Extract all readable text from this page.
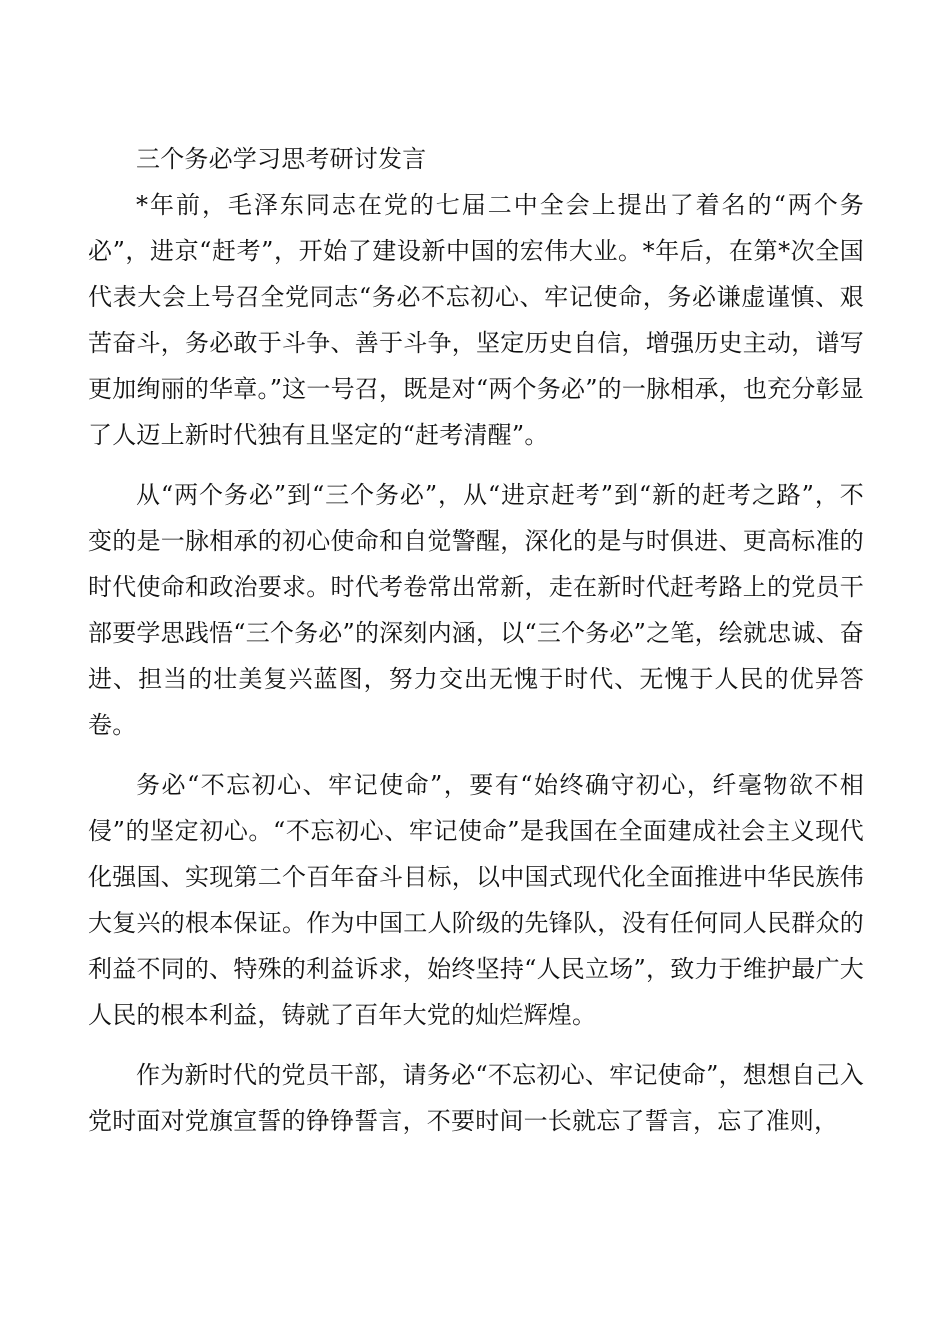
三个务必学习思考研讨发言

*年前，毛泽东同志在党的七届二中全会上提出了着名的“两个务必”，进京“赶考”，开始了建设新中国的宏伟大业。*年后，在第*次全国代表大会上号召全党同志“务必不忘初心、牢记使命，务必谦虚谨慎、艰苦奋斗，务必敢于斗争、善于斗争，坚定历史自信，增强历史主动，谱写更加绚丽的华章。”这一号召，既是对“两个务必”的一脉相承，也充分彰显了人迈上新时代独有且坚定的“赶考清醒”。

从“两个务必”到“三个务必”，从“进京赶考”到“新的赶考之路”，不变的是一脉相承的初心使命和自觉警醒，深化的是与时俱进、更高标准的时代使命和政治要求。时代考卷常出常新，走在新时代赶考路上的党员干部要学思践悟“三个务必”的深刻内涵，以“三个务必”之笔，绘就忠诚、奋进、担当的壮美复兴蓝图，努力交出无愧于时代、无愧于人民的优异答卷。

务必“不忘初心、牢记使命”，要有“始终确守初心，纤毫物欲不相侵”的坚定初心。“不忘初心、牢记使命”是我国在全面建成社会主义现代化强国、实现第二个百年奋斗目标，以中国式现代化全面推进中华民族伟大复兴的根本保证。作为中国工人阶级的先锋队，没有任何同人民群众的利益不同的、特殊的利益诉求，始终坚持“人民立场”，致力于维护最广大人民的根本利益，铸就了百年大党的灿烂辉煌。

作为新时代的党员干部，请务必“不忘初心、牢记使命”，想想自己入党时面对党旗宣誓的铮铮誓言，不要时间一长就忘了誓言，忘了准则，
